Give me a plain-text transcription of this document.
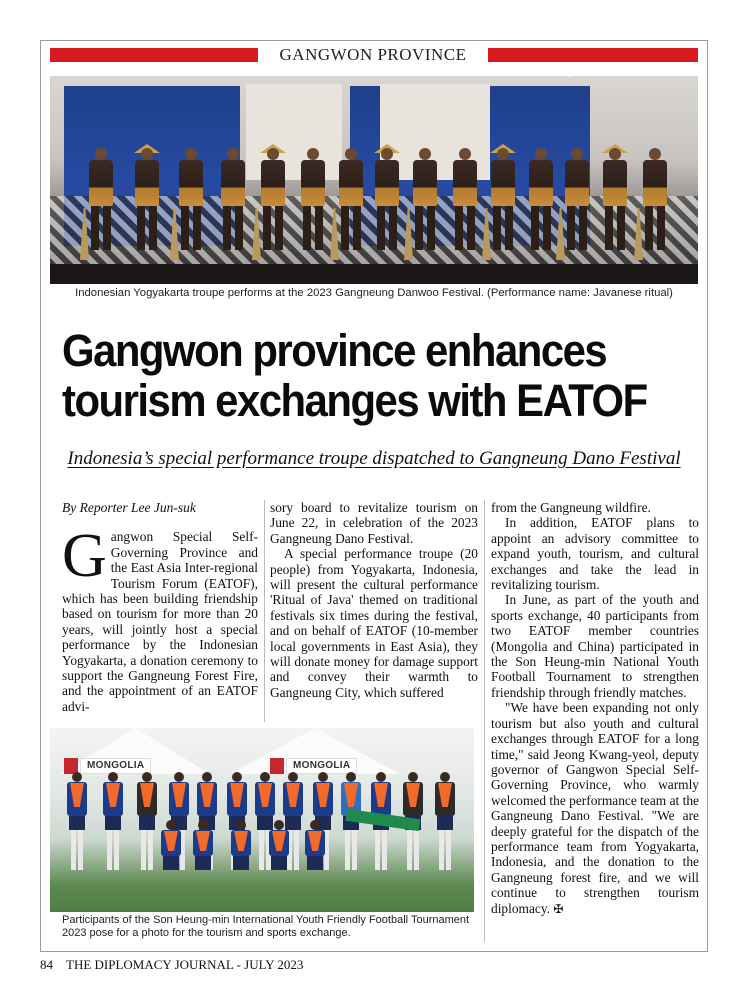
GANGWON PROVINCE
Indonesian Yogyakarta troupe performs at the 2023 Gangneung Danwoo Festival. (Performance name: Javanese ritual)
Gangwon province enhances
tourism exchanges with EATOF
Indonesia’s special performance troupe dispatched to Gangneung Dano Festival
By Reporter Lee Jun-suk

Gangwon Special Self-Governing Province and the East Asia Inter-regional Tourism Forum (EATOF), which has been building friendship based on tourism for more than 20 years, will jointly host a special performance by the Indonesian Yogyakarta, a donation ceremony to support the Gangneung Forest Fire, and the appointment of an EATOF advi-

sory board to revitalize tourism on June 22, in celebration of the 2023 Gangneung Dano Festival.

A special performance troupe (20 people) from Yogyakarta, Indonesia, will present the cultural performance 'Ritual of Java' themed on traditional festivals six times during the festival, and on behalf of EATOF (10-member local governments in East Asia), they will donate money for damage support and convey their warmth to Gangneung City, which suffered

from the Gangneung wildfire.

In addition, EATOF plans to appoint an advisory committee to expand youth, tourism, and cultural exchanges and take the lead in revitalizing tourism.

In June, as part of the youth and sports exchange, 40 participants from two EATOF member countries (Mongolia and China) participated in the Son Heung-min National Youth Football Tournament to strengthen friendship through friendly matches.

"We have been expanding not only tourism but also youth and cultural exchanges through EATOF for a long time," said Jeong Kwang-yeol, deputy governor of Gangwon Special Self-Governing Province, who warmly welcomed the performance team at the Gangneung Dano Festival. "We are deeply grateful for the dispatch of the performance team from Yogyakarta, Indonesia, and the donation to the Gangneung forest fire, and we will continue to strengthen tourism diplomacy. ✠

MONGOLIA	MONGOLIA
Participants of the Son Heung-min International Youth Friendly Football Tournament 2023 pose for a photo for the tourism and sports exchange.
84 THE DIPLOMACY JOURNAL - JULY 2023
